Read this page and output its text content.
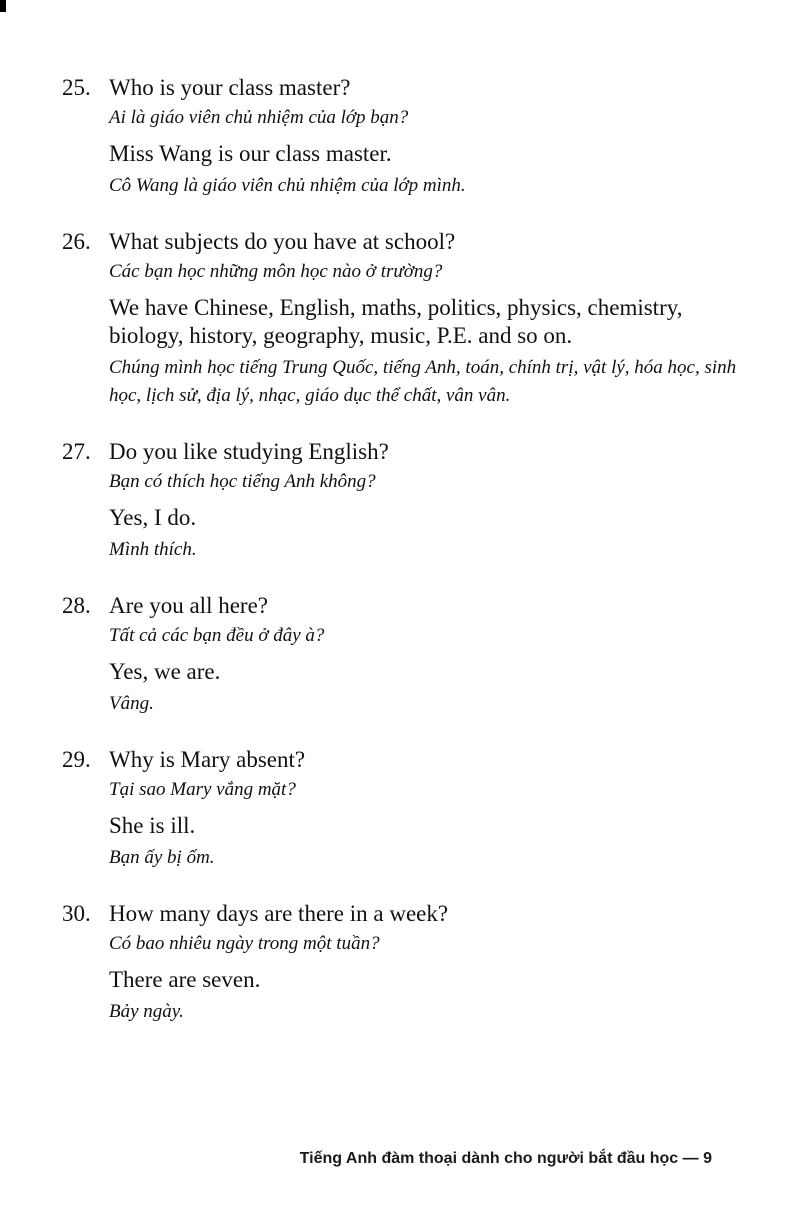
25. Who is your class master?
Ai là giáo viên chủ nhiệm của lớp bạn?
Miss Wang is our class master.
Cô Wang là giáo viên chủ nhiệm của lớp mình.
26. What subjects do you have at school?
Các bạn học những môn học nào ở trường?
We have Chinese, English, maths, politics, physics, chemistry, biology, history, geography, music, P.E. and so on.
Chúng mình học tiếng Trung Quốc, tiếng Anh, toán, chính trị, vật lý, hóa học, sinh học, lịch sử, địa lý, nhạc, giáo dục thể chất, vân vân.
27. Do you like studying English?
Bạn có thích học tiếng Anh không?
Yes, I do.
Mình thích.
28. Are you all here?
Tất cả các bạn đều ở đây à?
Yes, we are.
Vâng.
29. Why is Mary absent?
Tại sao Mary vắng mặt?
She is ill.
Bạn ấy bị ốm.
30. How many days are there in a week?
Có bao nhiêu ngày trong một tuần?
There are seven.
Bảy ngày.
Tiếng Anh đàm thoại dành cho người bắt đầu học — 9
